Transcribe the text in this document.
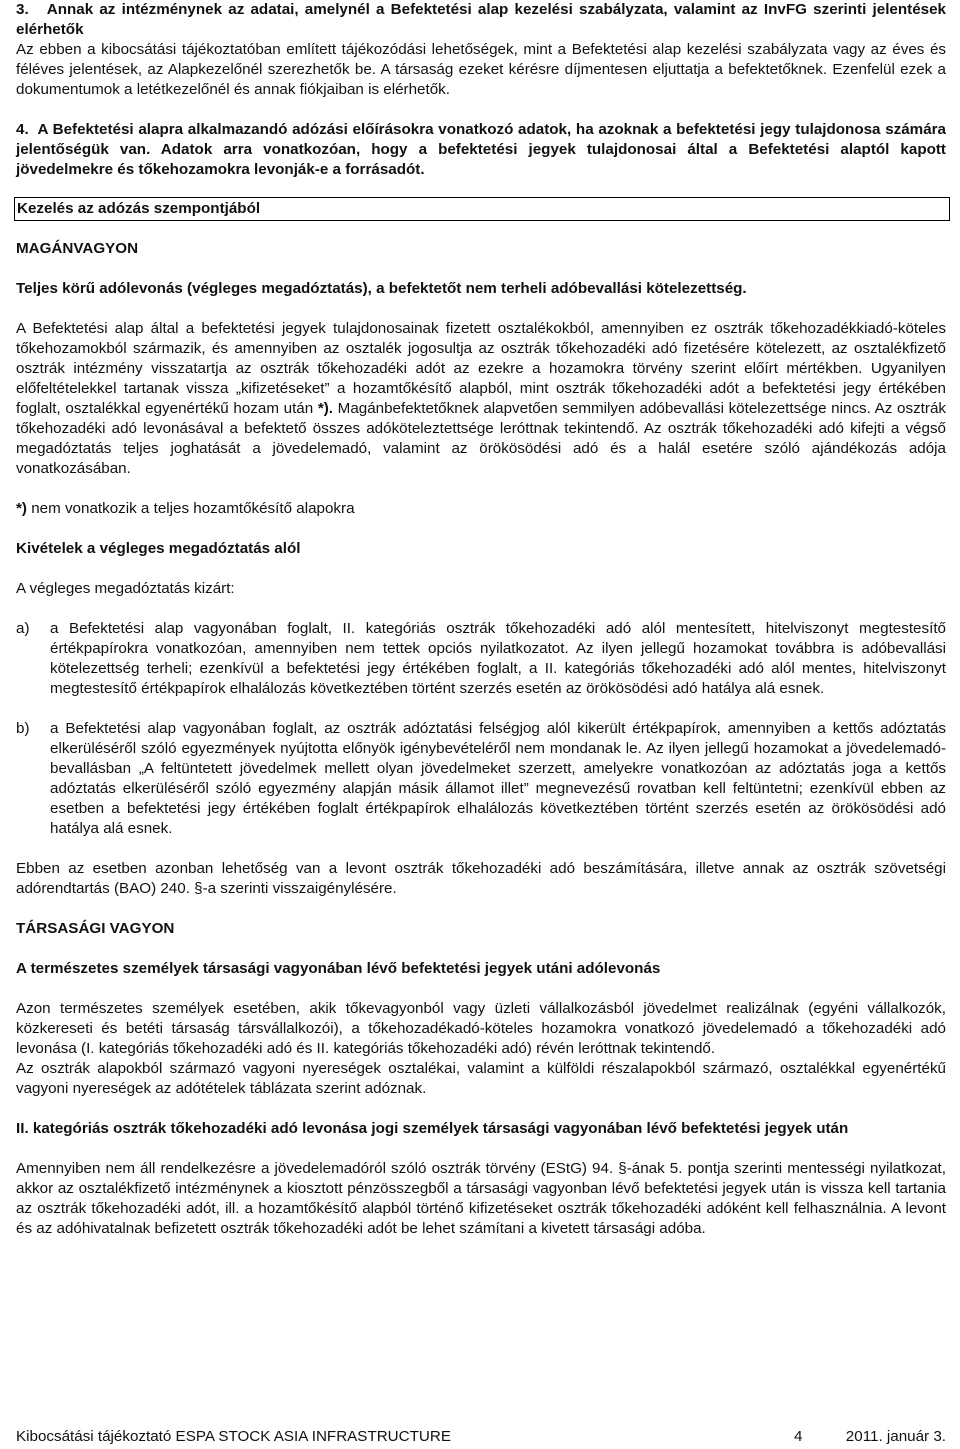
3.   Annak az intézménynek az adatai, amelynél a Befektetési alap kezelési szabályzata, valamint az InvFG szerinti jelentések elérhetők

Az ebben a kibocsátási tájékoztatóban említett tájékozódási lehetőségek, mint a Befektetési alap kezelési szabályzata vagy az éves és féléves jelentések, az Alapkezelőnél szerezhetők be. A társaság ezeket kérésre díjmentesen eljuttatja a befektetőknek. Ezenfelül ezek a dokumentumok a letétkezelőnél és annak fiókjaiban is elérhetők.

4.  A Befektetési alapra alkalmazandó adózási előírásokra vonatkozó adatok, ha azoknak a befektetési jegy tulajdonosa számára jelentőségük van. Adatok arra vonatkozóan, hogy a befektetési jegyek tulajdonosai által a Befektetési alaptól kapott jövedelmekre és tőkehozamokra levonják-e a forrásadót.

Kezelés az adózás szempontjából

MAGÁNVAGYON

Teljes körű adólevonás (végleges megadóztatás), a befektetőt nem terheli adóbevallási kötelezettség.

A Befektetési alap által a befektetési jegyek tulajdonosainak fizetett osztalékokból, amennyiben ez osztrák tőkehozadékkiadó-köteles tőkehozamokból származik, és amennyiben az osztalék jogosultja az osztrák tőkehozadéki adó fizetésére kötelezett, az osztalékfizető osztrák intézmény visszatartja az osztrák tőkehozadéki adót az ezekre a hozamokra törvény szerint előírt mértékben. Ugyanilyen előfeltételekkel tartanak vissza „kifizetéseket” a hozamtőkésítő alapból, mint osztrák tőkehozadéki adót a befektetési jegy értékében foglalt, osztalékkal egyenértékű hozam után *). Magánbefektetőknek alapvetően semmilyen adóbevallási kötelezettsége nincs. Az osztrák tőkehozadéki adó levonásával a befektető összes adóköteleztettsége leróttnak tekintendő. Az osztrák tőkehozadéki adó kifejti a végső megadóztatás teljes joghatását a jövedelemadó, valamint az örökösödési adó és a halál esetére szóló ajándékozás adója vonatkozásában.

*) nem vonatkozik a teljes hozamtőkésítő alapokra

Kivételek a végleges megadóztatás alól

A végleges megadóztatás kizárt:

a)	a Befektetési alap vagyonában foglalt, II. kategóriás osztrák tőkehozadéki adó alól mentesített, hitelviszonyt megtestesítő értékpapírokra vonatkozóan, amennyiben nem tettek opciós nyilatkozatot. Az ilyen jellegű hozamokat továbbra is adóbevallási kötelezettség terheli; ezenkívül a befektetési jegy értékében foglalt, a II. kategóriás tőkehozadéki adó alól mentes, hitelviszonyt megtestesítő értékpapírok elhalálozás következtében történt szerzés esetén az örökösödési adó hatálya alá esnek.
b)	a Befektetési alap vagyonában foglalt, az osztrák adóztatási felségjog alól kikerült értékpapírok, amennyiben a kettős adóztatás elkerüléséről szóló egyezmények nyújtotta előnyök igénybevételéről nem mondanak le. Az ilyen jellegű hozamokat a jövedelemadó-bevallásban „A feltüntetett jövedelmek mellett olyan jövedelmeket szerzett, amelyekre vonatkozóan az adóztatás joga a kettős adóztatás elkerüléséről szóló egyezmény alapján másik államot illet” megnevezésű rovatban kell feltüntetni; ezenkívül ebben az esetben a befektetési jegy értékében foglalt értékpapírok elhalálozás következtében történt szerzés esetén az örökösödési adó hatálya alá esnek.

Ebben az esetben azonban lehetőség van a levont osztrák tőkehozadéki adó beszámítására, illetve annak az osztrák szövetségi adórendtartás (BAO) 240. §-a szerinti visszaigénylésére.

TÁRSASÁGI VAGYON

A természetes személyek társasági vagyonában lévő befektetési jegyek utáni adólevonás

Azon természetes személyek esetében, akik tőkevagyonból vagy üzleti vállalkozásból jövedelmet realizálnak (egyéni vállalkozók, közkereseti és betéti társaság társvállalkozói), a tőkehozadékadó-köteles hozamokra vonatkozó jövedelemadó a tőkehozadéki adó levonása (I. kategóriás tőkehozadéki adó és II. kategóriás tőkehozadéki adó) révén leróttnak tekintendő.

Az osztrák alapokból származó vagyoni nyereségek osztalékai, valamint a külföldi részalapokból származó, osztalékkal egyenértékű vagyoni nyereségek az adótételek táblázata szerint adóznak.

II. kategóriás osztrák tőkehozadéki adó levonása jogi személyek társasági vagyonában lévő befektetési jegyek után

Amennyiben nem áll rendelkezésre a jövedelemadóról szóló osztrák törvény (EStG) 94. §-ának 5. pontja szerinti mentességi nyilatkozat, akkor az osztalékfizető intézménynek a kiosztott pénzösszegből a társasági vagyonban lévő befektetési jegyek után is vissza kell tartania az osztrák tőkehozadéki adót, ill. a hozamtőkésítő alapból történő kifizetéseket osztrák tőkehozadéki adóként kell felhasználnia. A levont és az adóhivatalnak befizetett osztrák tőkehozadéki adót be lehet számítani a kivetett társasági adóba.

Kibocsátási tájékoztató ESPA STOCK ASIA INFRASTRUCTURE	4	2011. január 3.
